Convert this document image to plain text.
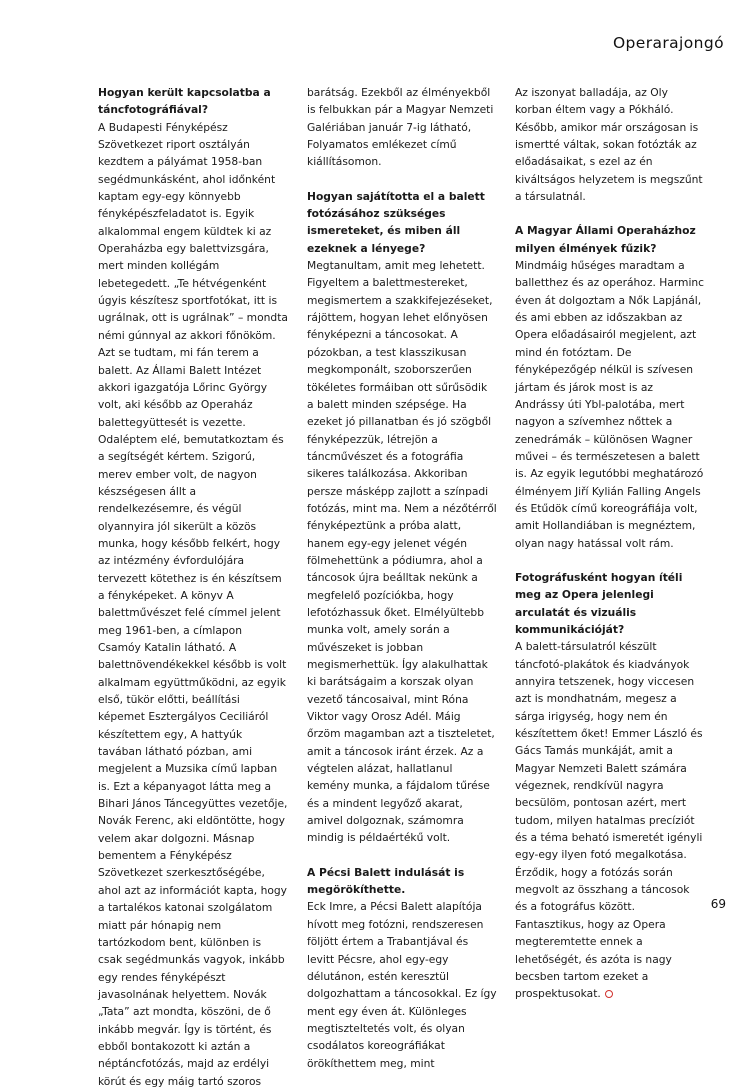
Operarajongó

Hogyan került kapcsolatba a táncfotográfiával?

A Budapesti Fényképész Szövetkezet riport osztályán kezdtem a pályámat 1958-ban segédmunkásként, ahol időnként kaptam egy-egy könnyebb fényképészfeladatot is. Egyik alkalommal engem küldtek ki az Operaházba egy balettvizsgára, mert minden kollégám lebetegedett. „Te hétvégenként úgyis készítesz sportfotókat, itt is ugrálnak, ott is ugrálnak” – mondta némi gúnnyal az akkori főnököm. Azt se tudtam, mi fán terem a balett. Az Állami Balett Intézet akkori igazgatója Lőrinc György volt, aki később az Operaház balettegyüttesét is vezette. Odaléptem elé, bemutatkoztam és a segítségét kértem. Szigorú, merev ember volt, de nagyon készségesen állt a rendelkezésemre, és végül olyannyira jól sikerült a közös munka, hogy később felkért, hogy az intézmény évfordulójára tervezett kötethez is én készítsem a fényképeket. A könyv A balettművészet felé címmel jelent meg 1961-ben, a címlapon Csamóy Katalin látható. A balettnövendékekkel később is volt alkalmam együttműködni, az egyik első, tükör előtti, beállítási képemet Esztergályos Ceciliáról készítettem egy, A hattyúk tavában látható pózban, ami megjelent a Muzsika című lapban is. Ezt a képanyagot látta meg a Bihari János Táncegyüttes vezetője, Novák Ferenc, aki eldöntötte, hogy velem akar dolgozni. Másnap bementem a Fényképész Szövetkezet szerkesztőségébe, ahol azt az információt kapta, hogy a tartalékos katonai szolgálatom miatt pár hónapig nem tartózkodom bent, különben is csak segédmunkás vagyok, inkább egy rendes fényképészt javasolnának helyettem. Novák „Tata” azt mondta, köszöni, de ő inkább megvár. Így is történt, és ebből bontakozott ki aztán a néptáncfotózás, majd az erdélyi körút és egy máig tartó szoros

barátság. Ezekből az élményekből is felbukkan pár a Magyar Nemzeti Galériában január 7-ig látható, Folyamatos emlékezet című kiállításomon.

Hogyan sajátította el a balett fotózásához szükséges ismereteket, és miben áll ezeknek a lényege?

Megtanultam, amit meg lehetett. Figyeltem a balettmestereket, megismertem a szakkifejezéseket, rájöttem, hogyan lehet előnyösen fényképezni a táncosokat. A pózokban, a test klasszikusan megkomponált, szoborszerűen tökéletes formáiban ott sűrűsödik a balett minden szépsége. Ha ezeket jó pillanatban és jó szögből fényképezzük, létrejön a táncművészet és a fotográfia sikeres találkozása. Akkoriban persze másképp zajlott a színpadi fotózás, mint ma. Nem a nézőtérről fényképeztünk a próba alatt, hanem egy-egy jelenet végén fölmehettünk a pódiumra, ahol a táncosok újra beálltak nekünk a megfelelő pozíciókba, hogy lefotózhassuk őket. Elmélyültebb munka volt, amely során a művészeket is jobban megismerhettük. Így alakulhattak ki barátságaim a korszak olyan vezető táncosaival, mint Róna Viktor vagy Orosz Adél. Máig őrzöm magamban azt a tiszteletet, amit a táncosok iránt érzek. Az a végtelen alázat, hallatlanul kemény munka, a fájdalom tűrése és a mindent legyőző akarat, amivel dolgoznak, számomra mindig is példaértékű volt.

A Pécsi Balett indulását is megörökíthette.

Eck Imre, a Pécsi Balett alapítója hívott meg fotózni, rendszeresen följött értem a Trabantjával és levitt Pécsre, ahol egy-egy délutánon, estén keresztül dolgozhattam a táncosokkal. Ez így ment egy éven át. Különleges megtiszteltetés volt, és olyan csodálatos koreográfiákat örökíthettem meg, mint

Az iszonyat balladája, az Oly korban éltem vagy a Pókháló. Később, amikor már országosan is ismertté váltak, sokan fotózták az előadásaikat, s ezel az én kiváltságos helyzetem is megszűnt a társulatnál.

A Magyar Állami Operaházhoz milyen élmények fűzik?

Mindmáig hűséges maradtam a balletthez és az operához. Harminc éven át dolgoztam a Nők Lapjánál, és ami ebben az időszakban az Opera előadásairól megjelent, azt mind én fotóztam. De fényképezőgép nélkül is szívesen jártam és járok most is az Andrássy úti Ybl-palotába, mert nagyon a szívemhez nőttek a zenedrámák – különösen Wagner művei – és természetesen a balett is. Az egyik legutóbbi meghatározó élményem Jiří Kylián Falling Angels és Etűdök című koreográfiája volt, amit Hollandiában is megnéztem, olyan nagy hatással volt rám.

Fotográfusként hogyan ítéli meg az Opera jelenlegi arculatát és vizuális kommunikációját?

A balett-társulatról készült táncfotó-plakátok és kiadványok annyira tetszenek, hogy viccesen azt is mondhatnám, megesz a sárga irigység, hogy nem én készítettem őket! Emmer László és Gács Tamás munkáját, amit a Magyar Nemzeti Balett számára végeznek, rendkívül nagyra becsülöm, pontosan azért, mert tudom, milyen hatalmas precíziót és a téma beható ismeretét igényli egy-egy ilyen fotó megalkotása. Érződik, hogy a fotózás során megvolt az összhang a táncosok és a fotográfus között. Fantasztikus, hogy az Opera megteremtette ennek a lehetőségét, és azóta is nagy becsben tartom ezeket a prospektusokat.

69
